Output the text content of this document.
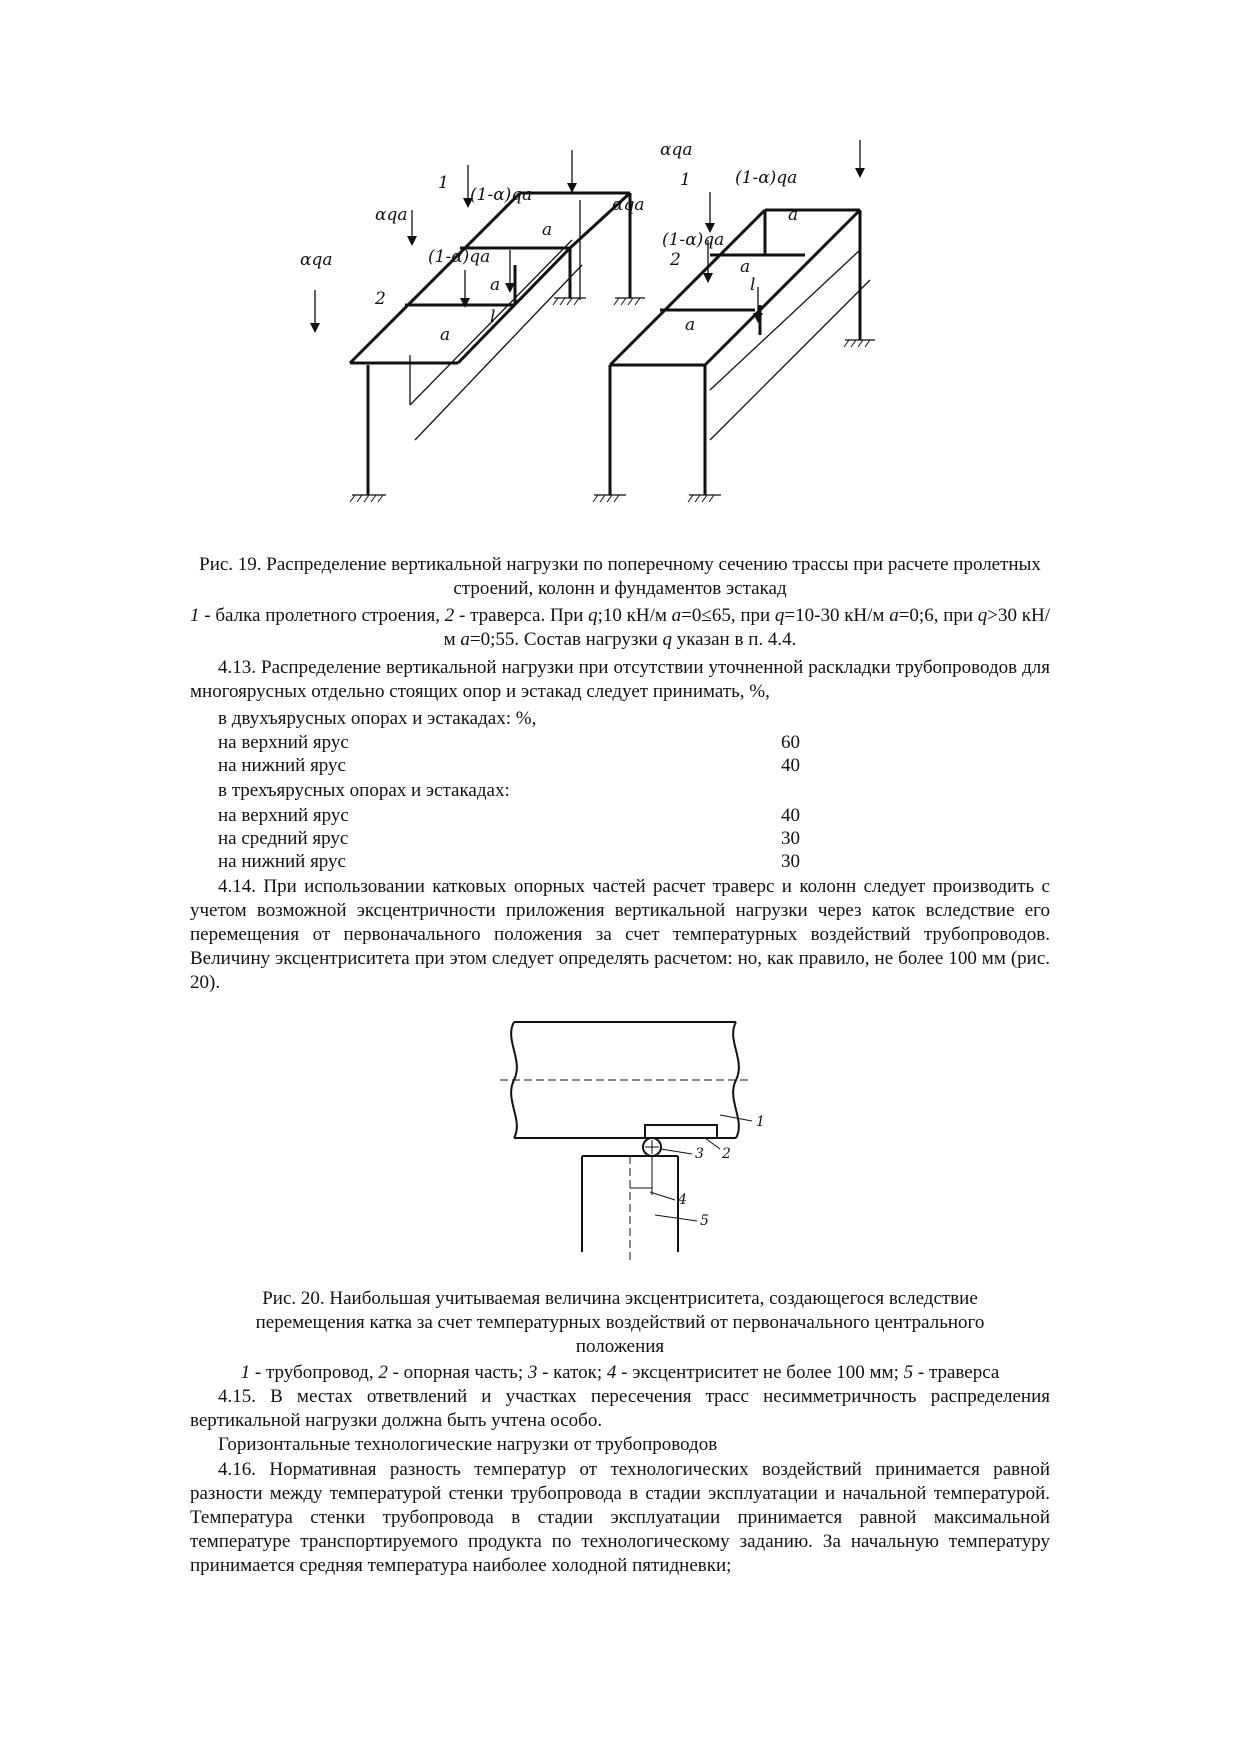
αqa
αqa
(1-α)qa
(1-α)qa
1
2
a
a
a
l
αqa
αqa
(1-α)qa
(1-α)qa
1
2
a
a
a
l
Рис. 19. Распределение вертикальной нагрузки по поперечному сечению трассы при расчете пролетных строений, колонн и фундаментов эстакад
1 - балка пролетного строения, 2 - траверса. При q;10 кН/м a=0≤65, при q=10-30 кН/м a=0;6, при q>30 кН/м a=0;55. Состав нагрузки q указан в п. 4.4.
4.13. Распределение вертикальной нагрузки при отсутствии уточненной раскладки трубопроводов для многоярусных отдельно стоящих опор и эстакад следует принимать, %,
в двухъярусных опорах и эстакадах: %,
на верхний ярус	60
на нижний ярус	40
в трехъярусных опорах и эстакадах:
на верхний ярус	40
на средний ярус	30
на нижний ярус	30
4.14. При использовании катковых опорных частей расчет траверс и колонн следует производить с учетом возможной эксцентричности приложения вертикальной нагрузки через каток вследствие его перемещения от первоначального положения за счет температурных воздействий трубопроводов. Величину эксцентриситета при этом следует определять расчетом: но, как правило, не более 100 мм (рис. 20).
1
2
3
4
5
Рис. 20. Наибольшая учитываемая величина эксцентриситета, создающегося вследствие перемещения катка за счет температурных воздействий от первоначального центрального положения
1 - трубопровод, 2 - опорная часть; 3 - каток; 4 - эксцентриситет не более 100 мм; 5 - траверса
4.15. В местах ответвлений и участках пересечения трасс несимметричность распределения вертикальной нагрузки должна быть учтена особо.
Горизонтальные технологические нагрузки от трубопроводов
4.16. Нормативная разность температур от технологических воздействий принимается равной разности между температурой стенки трубопровода в стадии эксплуатации и начальной температурой. Температура стенки трубопровода в стадии эксплуатации принимается равной максимальной температуре транспортируемого продукта по технологическому заданию. За начальную температуру принимается средняя температура наиболее холодной пятидневки;
